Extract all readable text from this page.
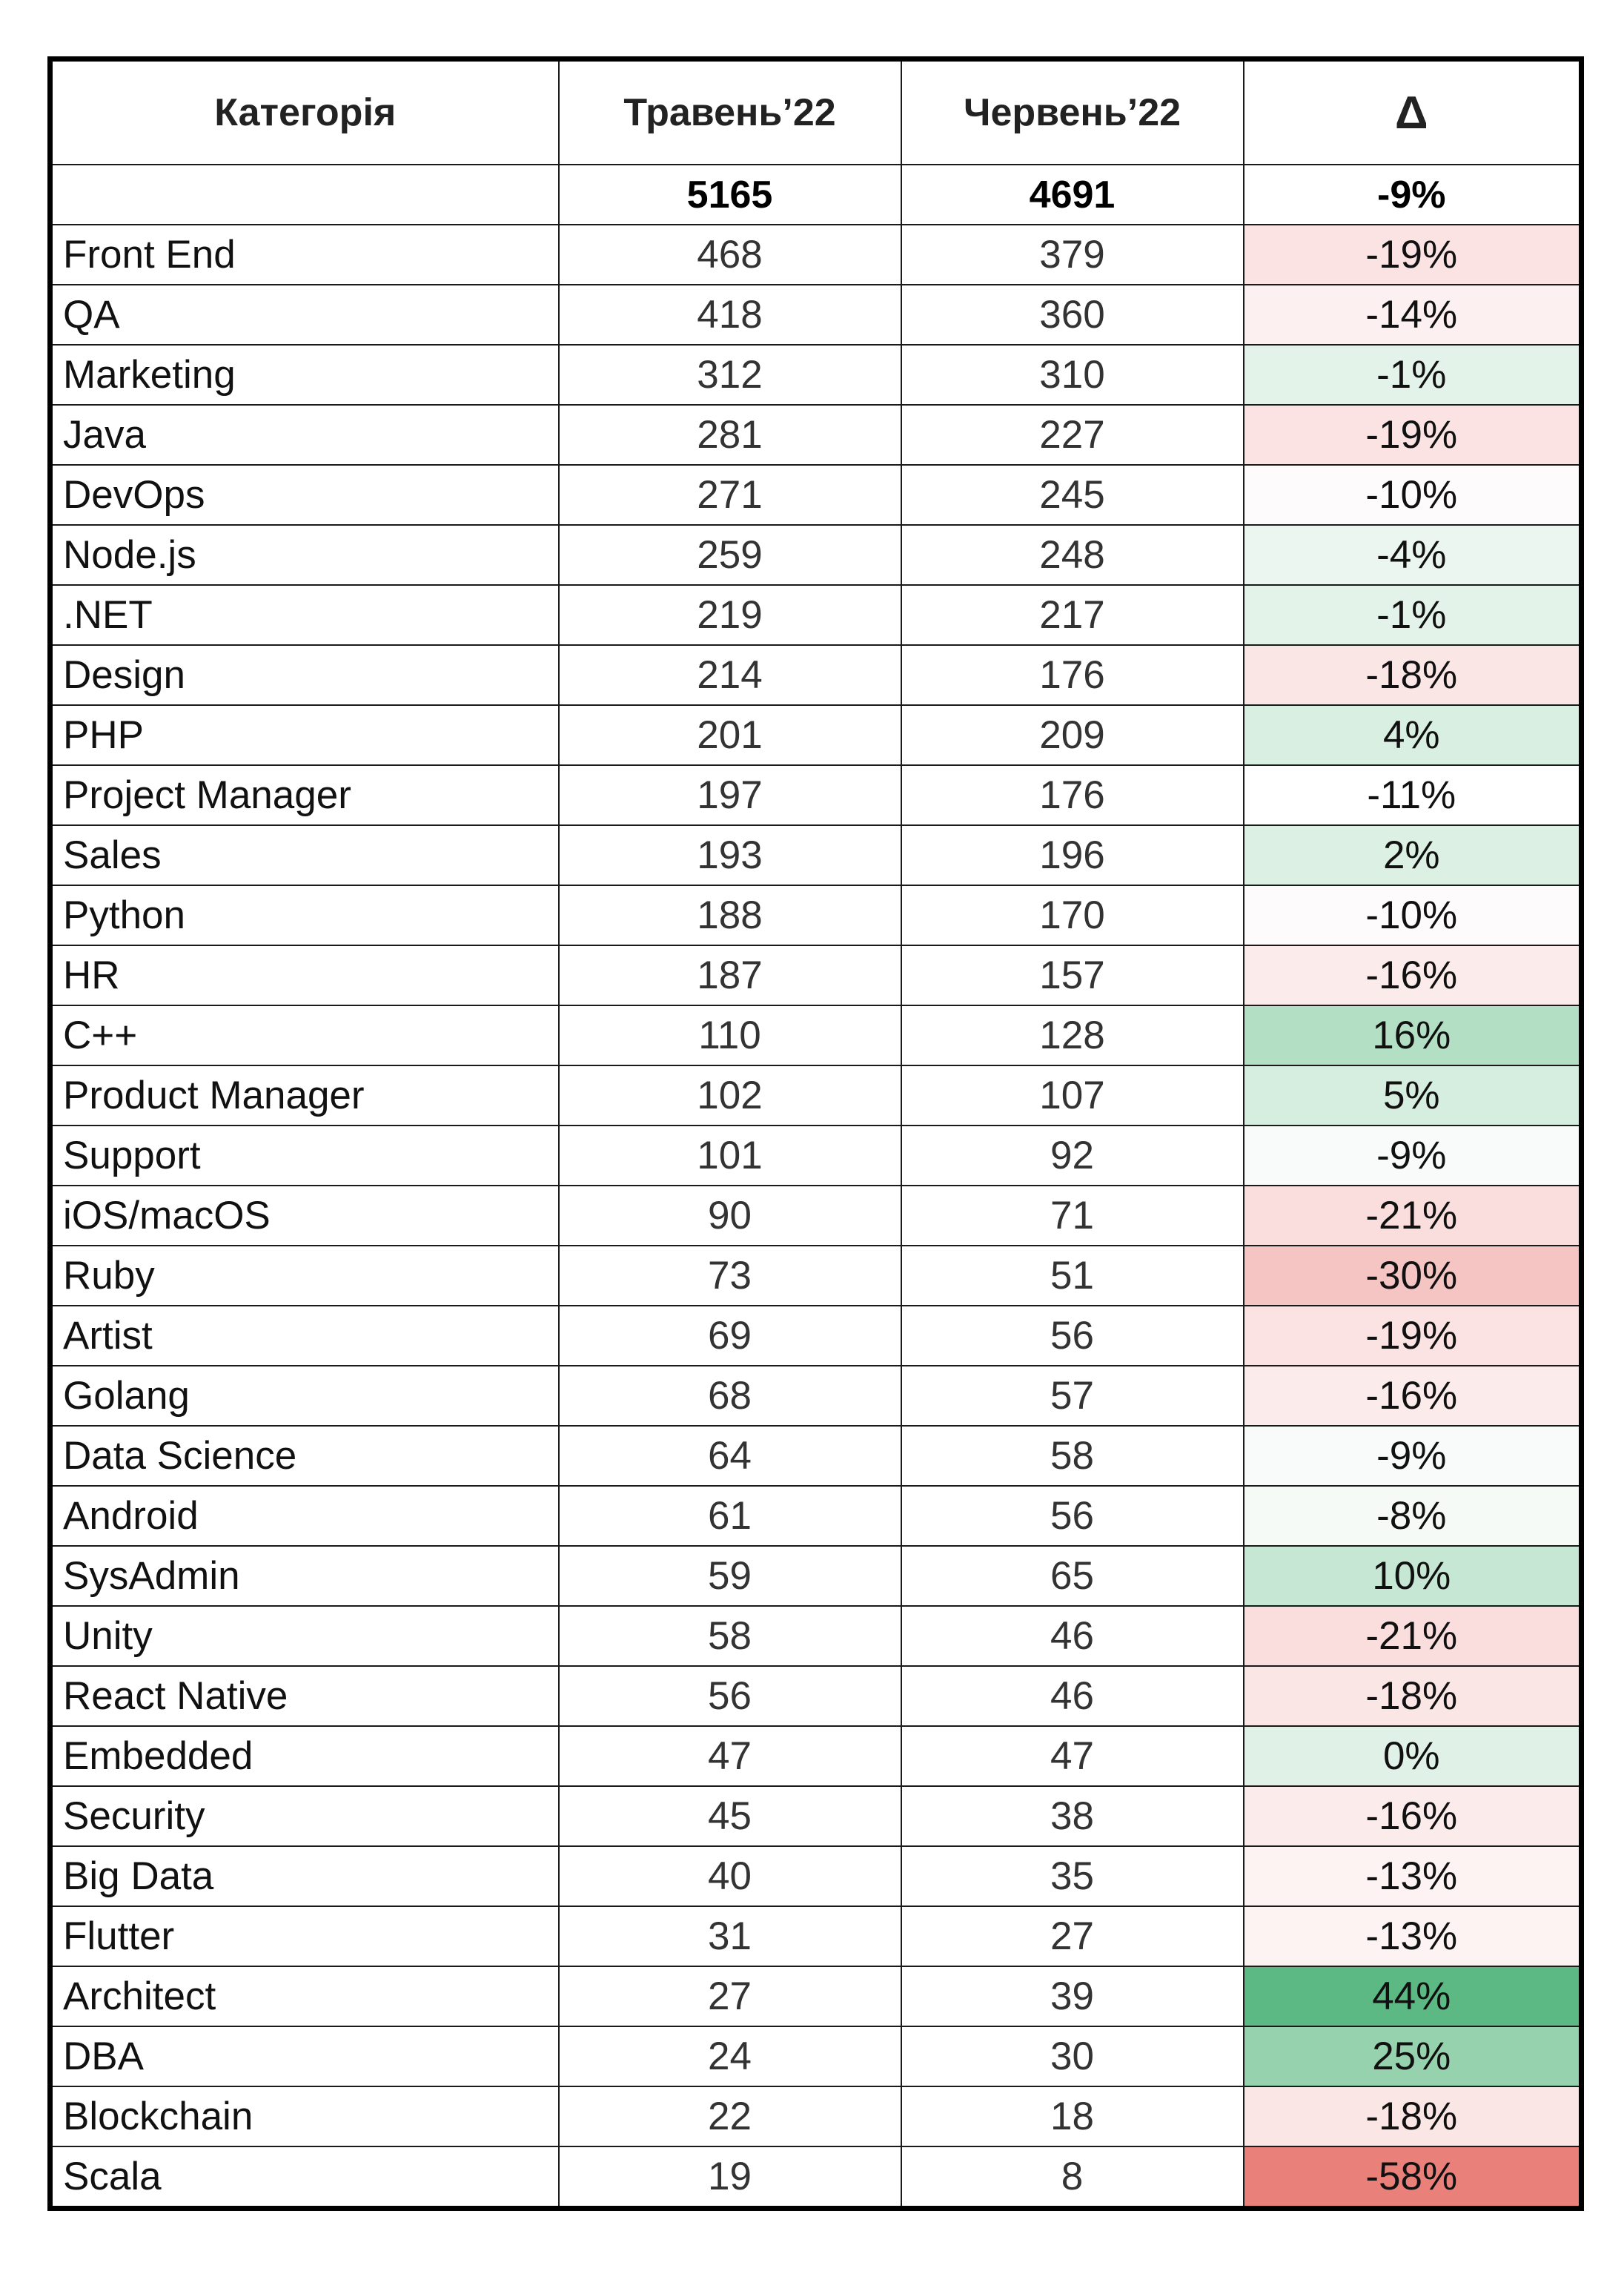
Категорія	Травень’22	Червень’22	Δ
	5165	4691	-9%
Front End	468	379	-19%
QA	418	360	-14%
Marketing	312	310	-1%
Java	281	227	-19%
DevOps	271	245	-10%
Node.js	259	248	-4%
.NET	219	217	-1%
Design	214	176	-18%
PHP	201	209	4%
Project Manager	197	176	-11%
Sales	193	196	2%
Python	188	170	-10%
HR	187	157	-16%
C++	110	128	16%
Product Manager	102	107	5%
Support	101	92	-9%
iOS/macOS	90	71	-21%
Ruby	73	51	-30%
Artist	69	56	-19%
Golang	68	57	-16%
Data Science	64	58	-9%
Android	61	56	-8%
SysAdmin	59	65	10%
Unity	58	46	-21%
React Native	56	46	-18%
Embedded	47	47	0%
Security	45	38	-16%
Big Data	40	35	-13%
Flutter	31	27	-13%
Architect	27	39	44%
DBA	24	30	25%
Blockchain	22	18	-18%
Scala	19	8	-58%
